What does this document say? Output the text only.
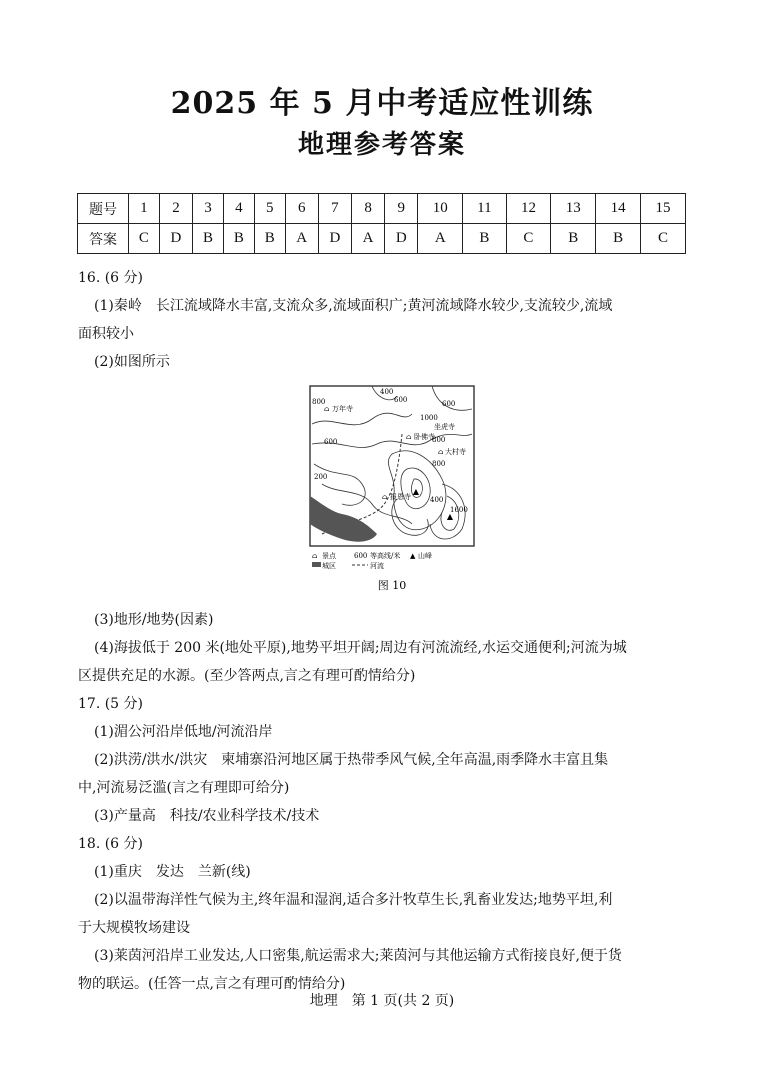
2025 年 5 月中考适应性训练
地理参考答案
题号	1	2	3	4	5	6	7	8	9	10	11	12	13	14	15
答案	C	D	B	B	B	A	D	A	D	A	B	C	B	B	C
16. (6 分)
(1)秦岭　长江流域降水丰富,支流众多,流域面积广;黄河流域降水较少,支流较少,流域
面积较小
(2)如图所示
▲
▲
400
800	600	600
1000
600
200
800
800
400
1600
⌂ 万年寺
⌂ 卧佛寺
坐虎寺
⌂ 大村寺
⌂ 报恩寺
⌂ 景点
城区
600 等高线/米
河流
▲ 山峰
图 10
(3)地形/地势(因素)
(4)海拔低于 200 米(地处平原),地势平坦开阔;周边有河流流经,水运交通便利;河流为城
区提供充足的水源。(至少答两点,言之有理可酌情给分)
17. (5 分)
(1)湄公河沿岸低地/河流沿岸
(2)洪涝/洪水/洪灾　柬埔寨沿河地区属于热带季风气候,全年高温,雨季降水丰富且集
中,河流易泛滥(言之有理即可给分)
(3)产量高　科技/农业科学技术/技术
18. (6 分)
(1)重庆　发达　兰新(线)
(2)以温带海洋性气候为主,终年温和湿润,适合多汁牧草生长,乳畜业发达;地势平坦,利
于大规模牧场建设
(3)莱茵河沿岸工业发达,人口密集,航运需求大;莱茵河与其他运输方式衔接良好,便于货
物的联运。(任答一点,言之有理可酌情给分)
地理　第 1 页(共 2 页)
